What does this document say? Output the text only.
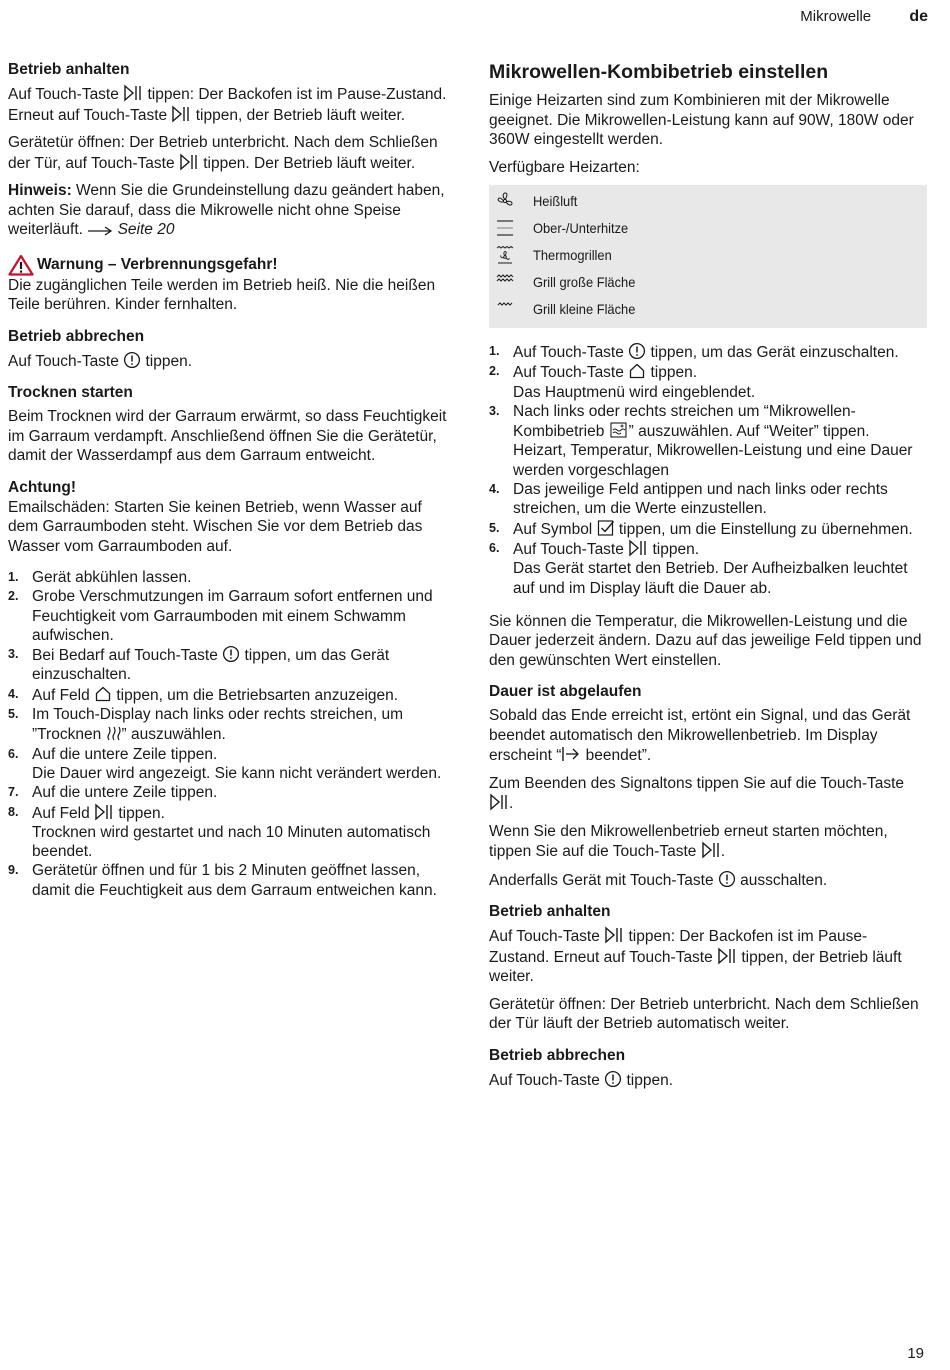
Mikrowelle de
Betrieb anhalten

Auf Touch-Taste  tippen: Der Backofen ist im Pause-Zustand. Erneut auf Touch-Taste  tippen, der Betrieb läuft weiter.

Gerätetür öffnen: Der Betrieb unterbricht. Nach dem Schließen der Tür, auf Touch-Taste  tippen. Der Betrieb läuft weiter.

Hinweis: Wenn Sie die Grundeinstellung dazu geändert haben, achten Sie darauf, dass die Mikrowelle nicht ohne Speise weiterläuft.  Seite 20

Warnung – Verbrennungsgefahr!

Die zugänglichen Teile werden im Betrieb heiß. Nie die heißen Teile berühren. Kinder fernhalten.

Betrieb abbrechen

Auf Touch-Taste  tippen.

Trocknen starten

Beim Trocknen wird der Garraum erwärmt, so dass Feuchtigkeit im Garraum verdampft. Anschließend öffnen Sie die Gerätetür, damit der Wasserdampf aus dem Garraum entweicht.

Achtung!

Emailschäden: Starten Sie keinen Betrieb, wenn Wasser auf dem Garraumboden steht. Wischen Sie vor dem Betrieb das Wasser vom Garraumboden auf.

1. Gerät abkühlen lassen.
2. Grobe Verschmutzungen im Garraum sofort entfernen und Feuchtigkeit vom Garraumboden mit einem Schwamm aufwischen.
3. Bei Bedarf auf Touch-Taste  tippen, um das Gerät einzuschalten.
4. Auf Feld  tippen, um die Betriebsarten anzuzeigen.
5. Im Touch-Display nach links oder rechts streichen, um ”Trocknen ” auszuwählen.
6. Auf die untere Zeile tippen.
Die Dauer wird angezeigt. Sie kann nicht verändert werden.
7. Auf die untere Zeile tippen.
8. Auf Feld  tippen.
Trocknen wird gestartet und nach 10 Minuten automatisch beendet.
9. Gerätetür öffnen und für 1 bis 2 Minuten geöffnet lassen, damit die Feuchtigkeit aus dem Garraum entweichen kann.
Mikrowellen-Kombibetrieb einstellen

Einige Heizarten sind zum Kombinieren mit der Mikrowelle geeignet. Die Mikrowellen-Leistung kann auf 90W, 180W oder 360W eingestellt werden.

Verfügbare Heizarten:

Heißluft
Ober-/Unterhitze
Thermogrillen
Grill große Fläche
Grill kleine Fläche
1. Auf Touch-Taste  tippen, um das Gerät einzuschalten.
2. Auf Touch-Taste  tippen.
Das Hauptmenü wird eingeblendet.
3. Nach links oder rechts streichen um “Mikrowellen-Kombibetrieb ” auszuwählen. Auf “Weiter” tippen.
Heizart, Temperatur, Mikrowellen-Leistung und eine Dauer werden vorgeschlagen
4. Das jeweilige Feld antippen und nach links oder rechts streichen, um die Werte einzustellen.
5. Auf Symbol  tippen, um die Einstellung zu übernehmen.
6. Auf Touch-Taste  tippen.
Das Gerät startet den Betrieb. Der Aufheizbalken leuchtet auf und im Display läuft die Dauer ab.

Sie können die Temperatur, die Mikrowellen-Leistung und die Dauer jederzeit ändern. Dazu auf das jeweilige Feld tippen und den gewünschten Wert einstellen.

Dauer ist abgelaufen

Sobald das Ende erreicht ist, ertönt ein Signal, und das Gerät beendet automatisch den Mikrowellenbetrieb. Im Display erscheint “ beendet”.

Zum Beenden des Signaltons tippen Sie auf die Touch-Taste .

Wenn Sie den Mikrowellenbetrieb erneut starten möchten, tippen Sie auf die Touch-Taste .

Anderfalls Gerät mit Touch-Taste  ausschalten.

Betrieb anhalten

Auf Touch-Taste  tippen: Der Backofen ist im Pause-Zustand. Erneut auf Touch-Taste  tippen, der Betrieb läuft weiter.

Gerätetür öffnen: Der Betrieb unterbricht. Nach dem Schließen der Tür läuft der Betrieb automatisch weiter.

Betrieb abbrechen

Auf Touch-Taste  tippen.

19
